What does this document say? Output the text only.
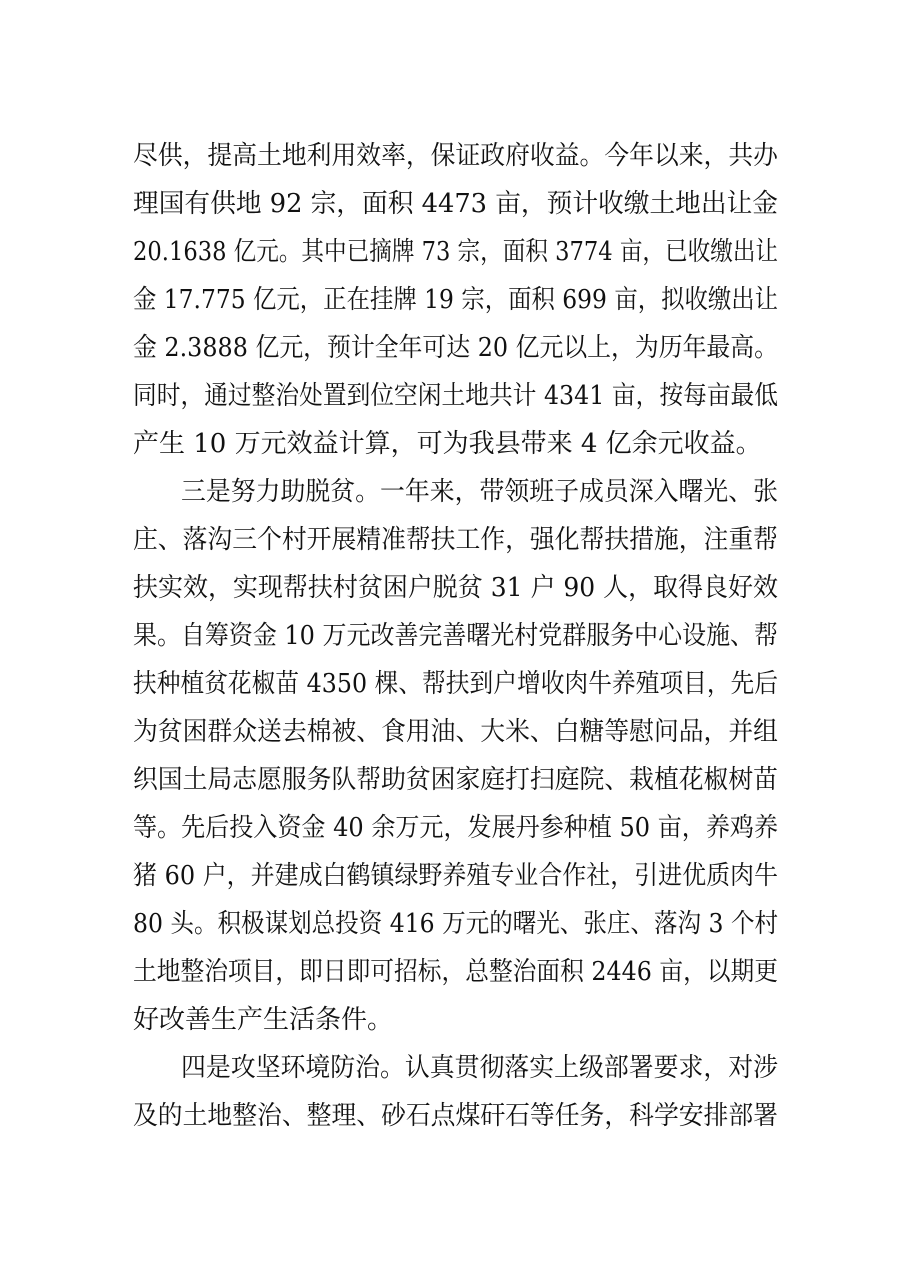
尽供，提高土地利用效率，保证政府收益。今年以来，共办
理国有供地 92 宗，面积 4473 亩，预计收缴土地出让金
20.1638 亿元。其中已摘牌 73 宗，面积 3774 亩，已收缴出让
金 17.775 亿元，正在挂牌 19 宗，面积 699 亩，拟收缴出让
金 2.3888 亿元，预计全年可达 20 亿元以上，为历年最高。
同时，通过整治处置到位空闲土地共计 4341 亩，按每亩最低
产生 10 万元效益计算，可为我县带来 4 亿余元收益。
三是努力助脱贫。一年来，带领班子成员深入曙光、张
庄、落沟三个村开展精准帮扶工作，强化帮扶措施，注重帮
扶实效，实现帮扶村贫困户脱贫 31 户 90 人，取得良好效
果。自筹资金 10 万元改善完善曙光村党群服务中心设施、帮
扶种植贫花椒苗 4350 棵、帮扶到户增收肉牛养殖项目，先后
为贫困群众送去棉被、食用油、大米、白糖等慰问品，并组
织国土局志愿服务队帮助贫困家庭打扫庭院、栽植花椒树苗
等。先后投入资金 40 余万元，发展丹参种植 50 亩，养鸡养
猪 60 户，并建成白鹤镇绿野养殖专业合作社，引进优质肉牛
80 头。积极谋划总投资 416 万元的曙光、张庄、落沟 3 个村
土地整治项目，即日即可招标，总整治面积 2446 亩，以期更
好改善生产生活条件。
四是攻坚环境防治。认真贯彻落实上级部署要求，对涉
及的土地整治、整理、砂石点煤矸石等任务，科学安排部署
